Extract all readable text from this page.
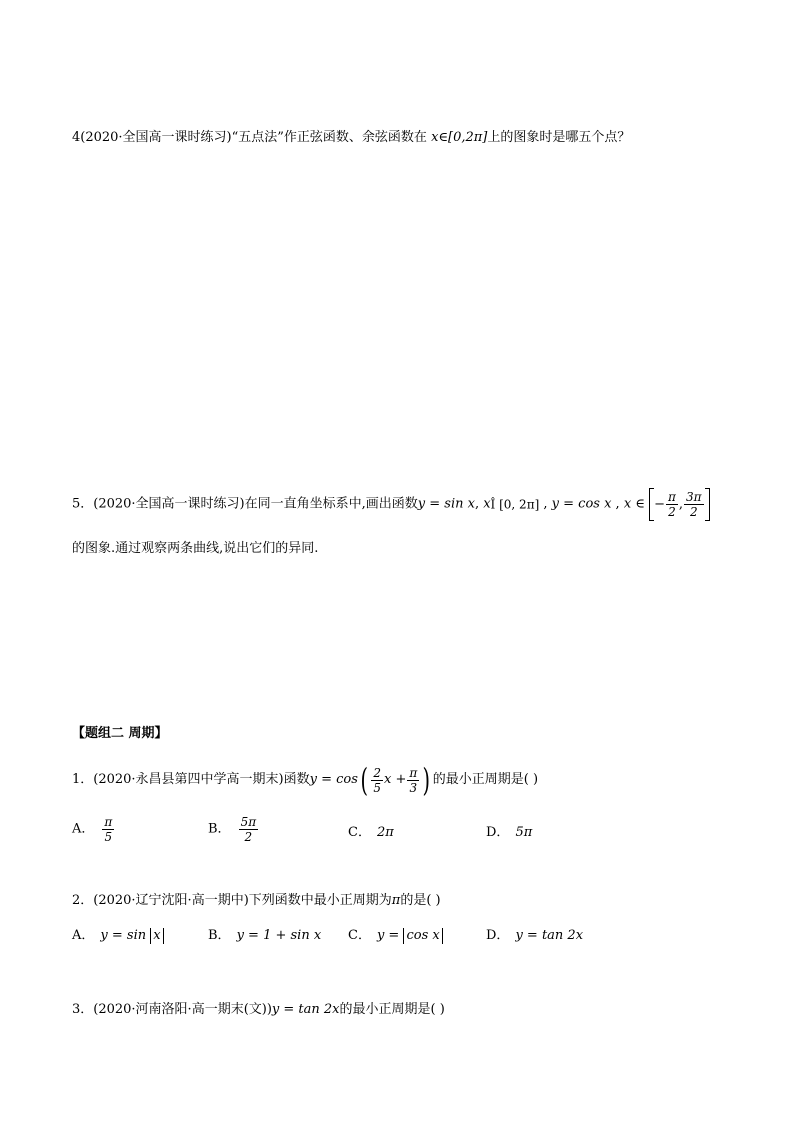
4(2020·全国高一课时练习)“五点法”作正弦函数、余弦函数在 x∈[0,2π]上的图象时是哪五个点？
5．(2020·全国高一课时练习)在同一直角坐标系中,画出函数y = sin x, xÎ [0, 2π] , y = cos x , x ∈ − $\frac{\pi}{2}$ , $\frac{3\pi}{2}$
的图象.通过观察两条曲线,说出它们的异同.
【题组二 周期】
1．(2020·永昌县第四中学高一期末)函数$y = \cos( \frac{2}{5}$ $x + \frac{\pi}{3}$ ) 的最小正周期是( )
A． $\frac{\pi}{5}$	B． $\frac{5\pi}{2}$	C． 2π	D． 5π
2．(2020·辽宁沈阳·高一期中)下列函数中最小正周期为π的是( )
A． y = sin x	B． y = 1 + sin x C． y = cos x	D． y = tan 2x
3．(2020·河南洛阳·高一期末(文))y = tan 2x的最小正周期是( )
